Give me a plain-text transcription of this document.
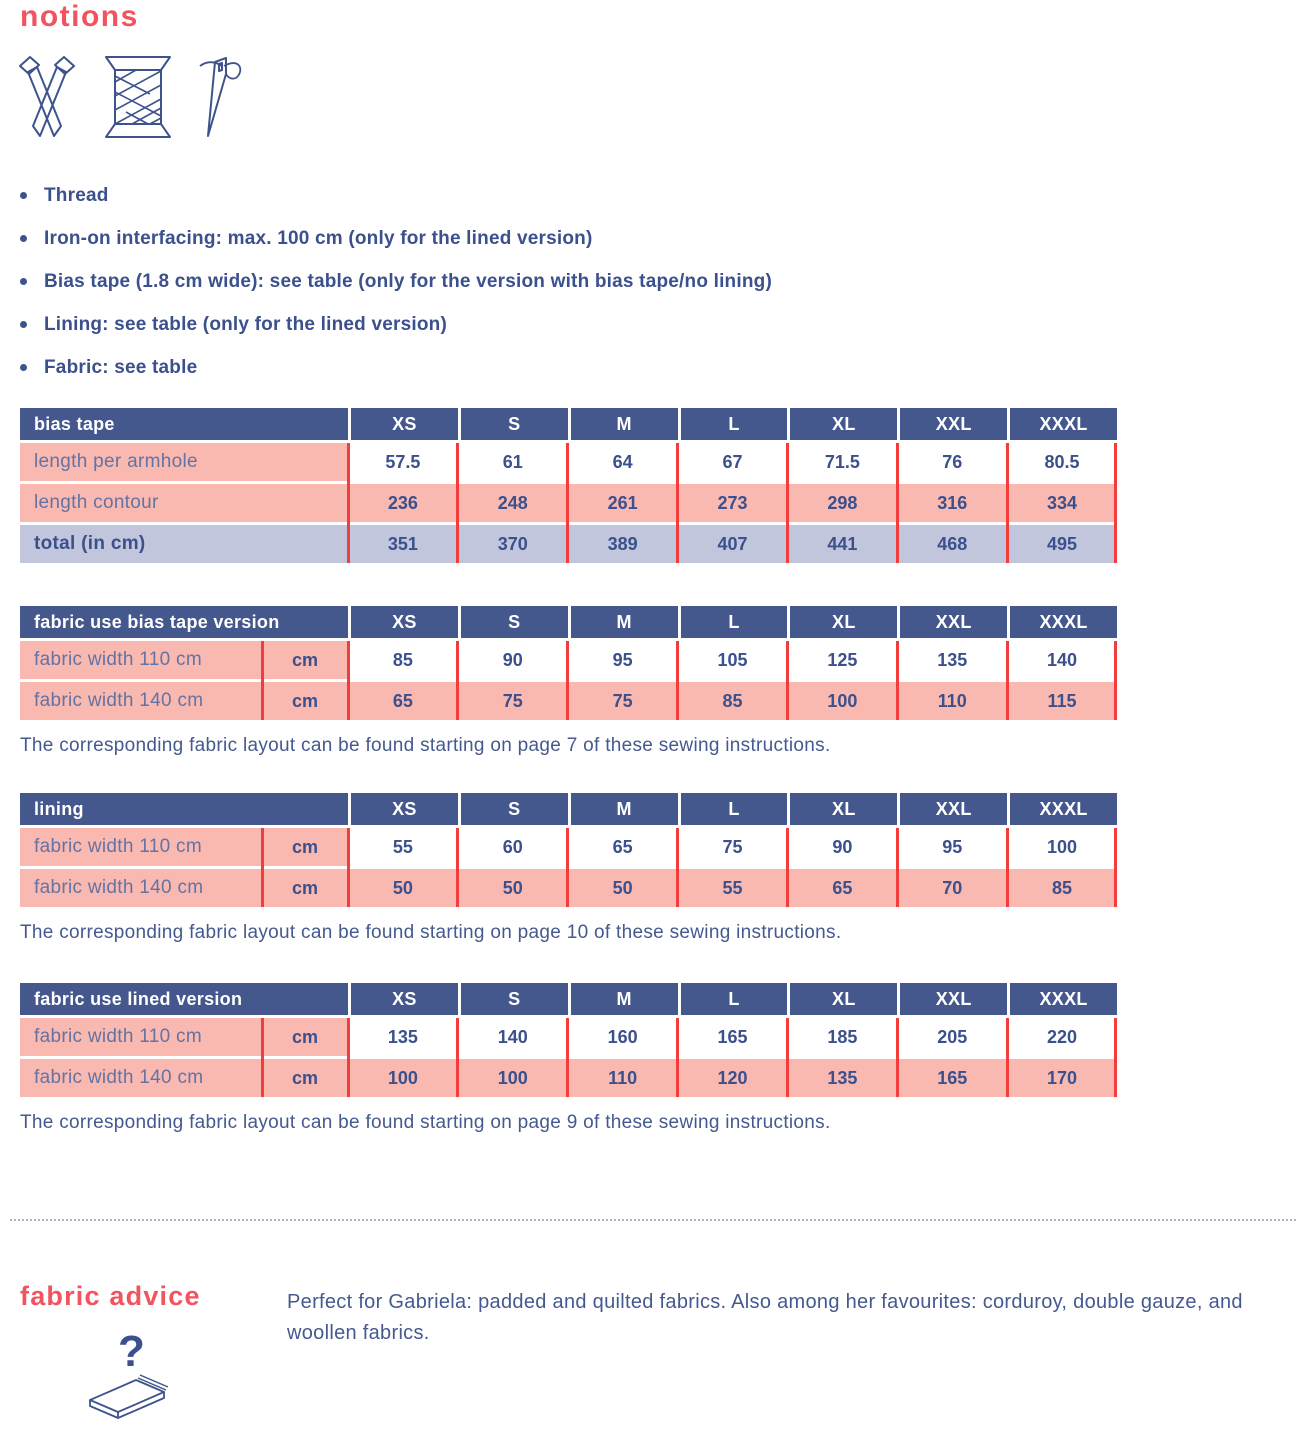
notions
Thread
Iron-on interfacing: max. 100 cm (only for the lined version)
Bias tape (1.8 cm wide): see table (only for the version with bias tape/no lining)
Lining: see table (only for the lined version)
Fabric: see table
bias tape	XS	S	M	L	XL	XXL	XXXL
length per armhole	57.5	61	64	67	71.5	76	80.5
length contour	236	248	261	273	298	316	334
total (in cm)	351	370	389	407	441	468	495
fabric use bias tape version	XS	S	M	L	XL	XXL	XXXL
fabric width 110 cm	cm	85	90	95	105	125	135	140
fabric width 140 cm	cm	65	75	75	85	100	110	115
The corresponding fabric layout can be found starting on page 7 of these sewing instructions.
lining	XS	S	M	L	XL	XXL	XXXL
fabric width 110 cm	cm	55	60	65	75	90	95	100
fabric width 140 cm	cm	50	50	50	55	65	70	85
The corresponding fabric layout can be found starting on page 10 of these sewing instructions.
fabric use lined version	XS	S	M	L	XL	XXL	XXXL
fabric width 110 cm	cm	135	140	160	165	185	205	220
fabric width 140 cm	cm	100	100	110	120	135	165	170
The corresponding fabric layout can be found starting on page 9 of these sewing instructions.
fabric advice
?

Perfect for Gabriela: padded and quilted fabrics. Also among her favourites: corduroy, double gauze, and woollen fabrics.
